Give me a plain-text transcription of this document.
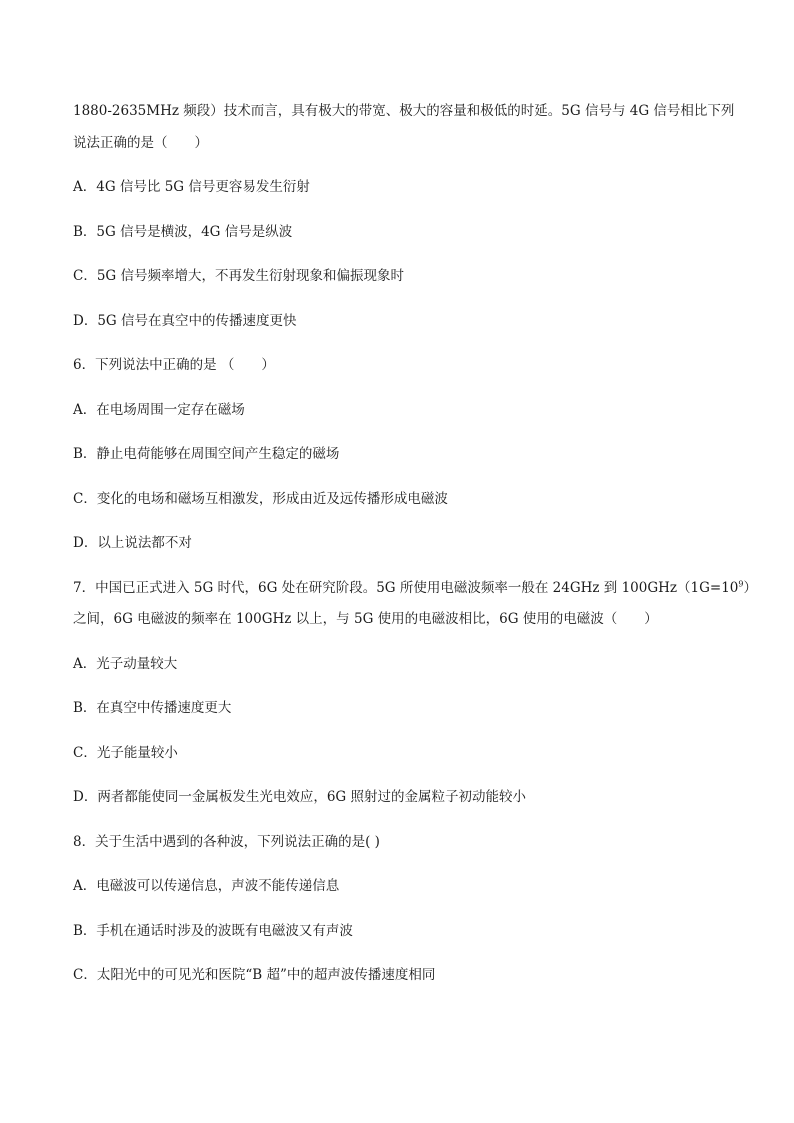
1880-2635MHz 频段）技术而言，具有极大的带宽、极大的容量和极低的时延。5G 信号与 4G 信号相比下列
说法正确的是（　　）
A．4G 信号比 5G 信号更容易发生衍射
B．5G 信号是横波，4G 信号是纵波
C．5G 信号频率增大，不再发生衍射现象和偏振现象时
D．5G 信号在真空中的传播速度更快
6．下列说法中正确的是 （　　）
A．在电场周围一定存在磁场
B．静止电荷能够在周围空间产生稳定的磁场
C．变化的电场和磁场互相激发，形成由近及远传播形成电磁波
D．以上说法都不对
7．中国已正式进入 5G 时代，6G 处在研究阶段。5G 所使用电磁波频率一般在 24GHz 到 $100GHz(1G=10^9)$
之间，6G 电磁波的频率在 100GHz 以上，与 5G 使用的电磁波相比，6G 使用的电磁波（　　）
A．光子动量较大
B．在真空中传播速度更大
C．光子能量较小
D．两者都能使同一金属板发生光电效应，6G 照射过的金属粒子初动能较小
8．关于生活中遇到的各种波，下列说法正确的是( )
A．电磁波可以传递信息，声波不能传递信息
B．手机在通话时涉及的波既有电磁波又有声波
C．太阳光中的可见光和医院“B 超”中的超声波传播速度相同
